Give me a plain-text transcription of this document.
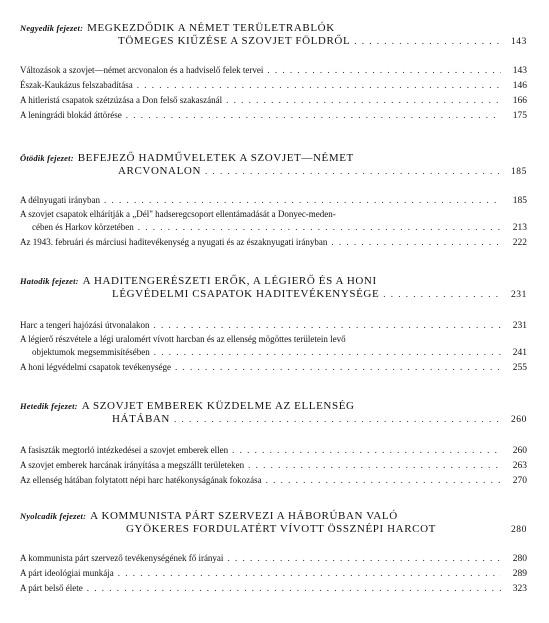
Negyedik fejezet: MEGKEZDŐDIK A NÉMET TERÜLETRABLÓK
TÖMEGES KIŰZÉSE A SZOVJET FÖLDRŐL . . .	143
Változások a szovjet—német arcvonalon és a hadviselő felek tervei . . .	143
Észak-Kaukázus felszabadítása . . .	146
A hitleristá csapatok szétzúzása a Don felső szakaszánál . . .	166
A leningrádi blokád áttörése . . .	175
Ötödik fejezet: BEFEJEZŐ HADMŰVELETEK A SZOVJET—NÉMET
ARCVONALON . . .	185
A délnyugati irányban . . .	185
A szovjet csapatok elhárítják a „Dél" hadseregcsoport ellentámadását a Donyec-meden-
cében és Harkov körzetében . . .	213
Az 1943. februári és márciusi haditevékenység a nyugati és az északnyugati irányban . . .	222
Hatodik fejezet: A HADITENGERÉSZETI ERŐK, A LÉGIERŐ ÉS A HONI
LÉGVÉDELMI CSAPATOK HADITEVÉKENYSÉGE . . .	231
Harc a tengeri hajózási útvonalakon . . .	231
A légierő részvétele a légi uralomért vívott harcban és az ellenség mögöttes területein levő
objektumok megsemmisítésében . . .	241
A honi légvédelmi csapatok tevékenysége . . .	255
Hetedik fejezet: A SZOVJET EMBEREK KÜZDELME AZ ELLENSÉG
HÁTÁBAN . . .	260
A fasiszták megtorló intézkedései a szovjet emberek ellen . . .	260
A szovjet emberek harcának irányítása a megszállt területeken . . .	263
Az ellenség hátában folytatott népi harc hatékonyságának fokozása . . .	270
Nyolcadik fejezet: A KOMMUNISTA PÁRT SZERVEZI A HÁBORÚBAN VALÓ
GYÖKERES FORDULATÉRT VÍVOTT ÖSSZNÉPI HARCOT	280
A kommunista párt szervező tevékenységének fő irányai . . .	280
A párt ideológiai munkája . . .	289
A párt belső élete . . .	323
